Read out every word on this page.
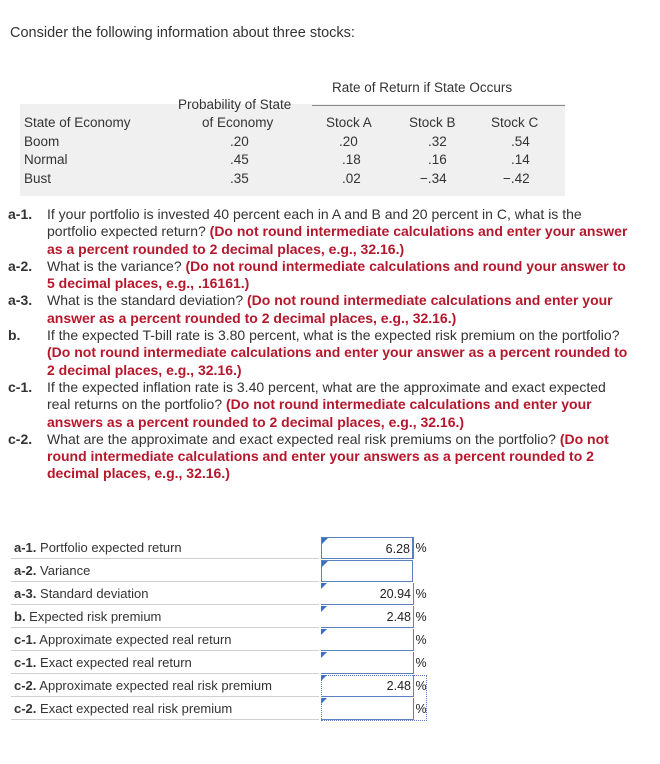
Consider the following information about three stocks:
Rate of Return if State Occurs
Probability of State
of Economy
State of Economy	Stock A	Stock B	Stock C
Boom	.20	.20	.32	.54
Normal	.45	.18	.16	.14
Bust	.35	.02	−.34	−.42
a-1.	If your portfolio is invested 40 percent each in A and B and 20 percent in C, what is the portfolio expected return? (Do not round intermediate calculations and enter your answer as a percent rounded to 2 decimal places, e.g., 32.16.)
a-2.	What is the variance? (Do not round intermediate calculations and round your answer to 5 decimal places, e.g., .16161.)
a-3.	What is the standard deviation? (Do not round intermediate calculations and enter your answer as a percent rounded to 2 decimal places, e.g., 32.16.)
b.	If the expected T-bill rate is 3.80 percent, what is the expected risk premium on the portfolio? (Do not round intermediate calculations and enter your answer as a percent rounded to 2 decimal places, e.g., 32.16.)
c-1.	If the expected inflation rate is 3.40 percent, what are the approximate and exact expected real returns on the portfolio? (Do not round intermediate calculations and enter your answers as a percent rounded to 2 decimal places, e.g., 32.16.)
c-2.	What are the approximate and exact expected real risk premiums on the portfolio? (Do not round intermediate calculations and enter your answers as a percent rounded to 2 decimal places, e.g., 32.16.)
a-1. Portfolio expected return	6.28 %
a-2. Variance
a-3. Standard deviation	20.94 %
b. Expected risk premium	2.48 %
c-1. Approximate expected real return	%
c-1. Exact expected real return	%
c-2. Approximate expected real risk premium	2.48 %
c-2. Exact expected real risk premium	%
